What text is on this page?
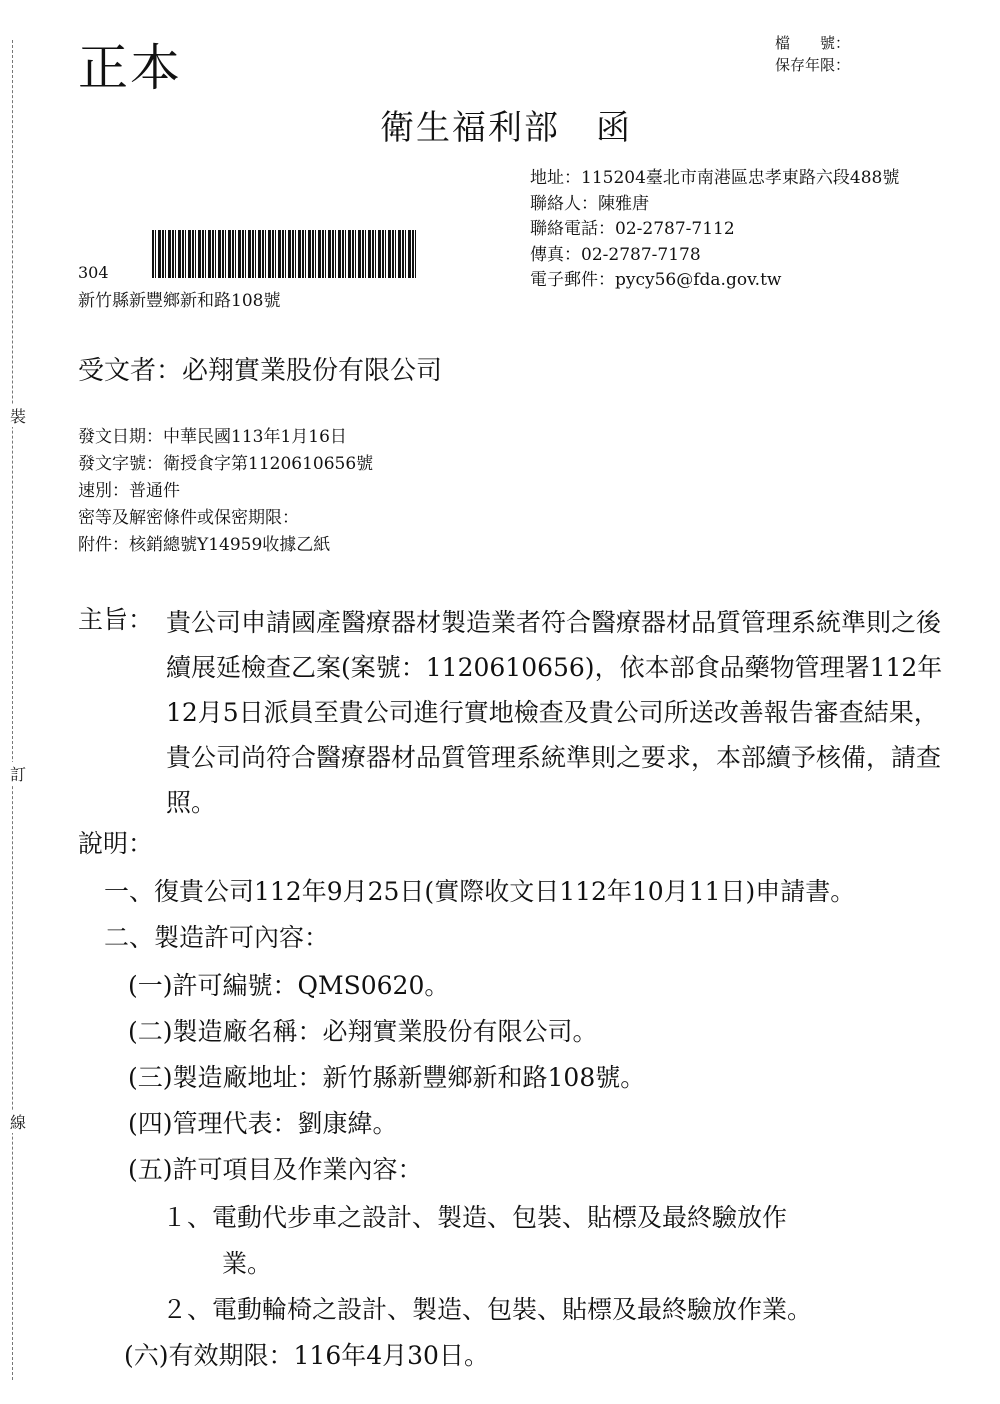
裝
訂
線
正本	檔　　號：
保存年限：
衛生福利部　函
地址：115204臺北市南港區忠孝東路六段488號
聯絡人：陳雅唐
聯絡電話：02-2787-7112
傳真：02-2787-7178
電子郵件：pycy56@fda.gov.tw
304
新竹縣新豐鄉新和路108號
受文者：必翔實業股份有限公司
發文日期：中華民國113年1月16日
發文字號：衛授食字第1120610656號
速別：普通件
密等及解密條件或保密期限：
附件：核銷總號Y14959收據乙紙
主旨： 貴公司申請國產醫療器材製造業者符合醫療器材品質管理系統準則之後續展延檢查乙案(案號：1120610656)，依本部食品藥物管理署112年12月5日派員至貴公司進行實地檢查及貴公司所送改善報告審查結果，貴公司尚符合醫療器材品質管理系統準則之要求，本部續予核備，請查照。
說明：
一、復貴公司112年9月25日(實際收文日112年10月11日)申請書。
二、製造許可內容：
(一)許可編號：QMS0620。
(二)製造廠名稱：必翔實業股份有限公司。
(三)製造廠地址：新竹縣新豐鄉新和路108號。
(四)管理代表：劉康緯。
(五)許可項目及作業內容：
１、電動代步車之設計、製造、包裝、貼標及最終驗放作
業。
２、電動輪椅之設計、製造、包裝、貼標及最終驗放作業。
(六)有效期限：116年4月30日。
